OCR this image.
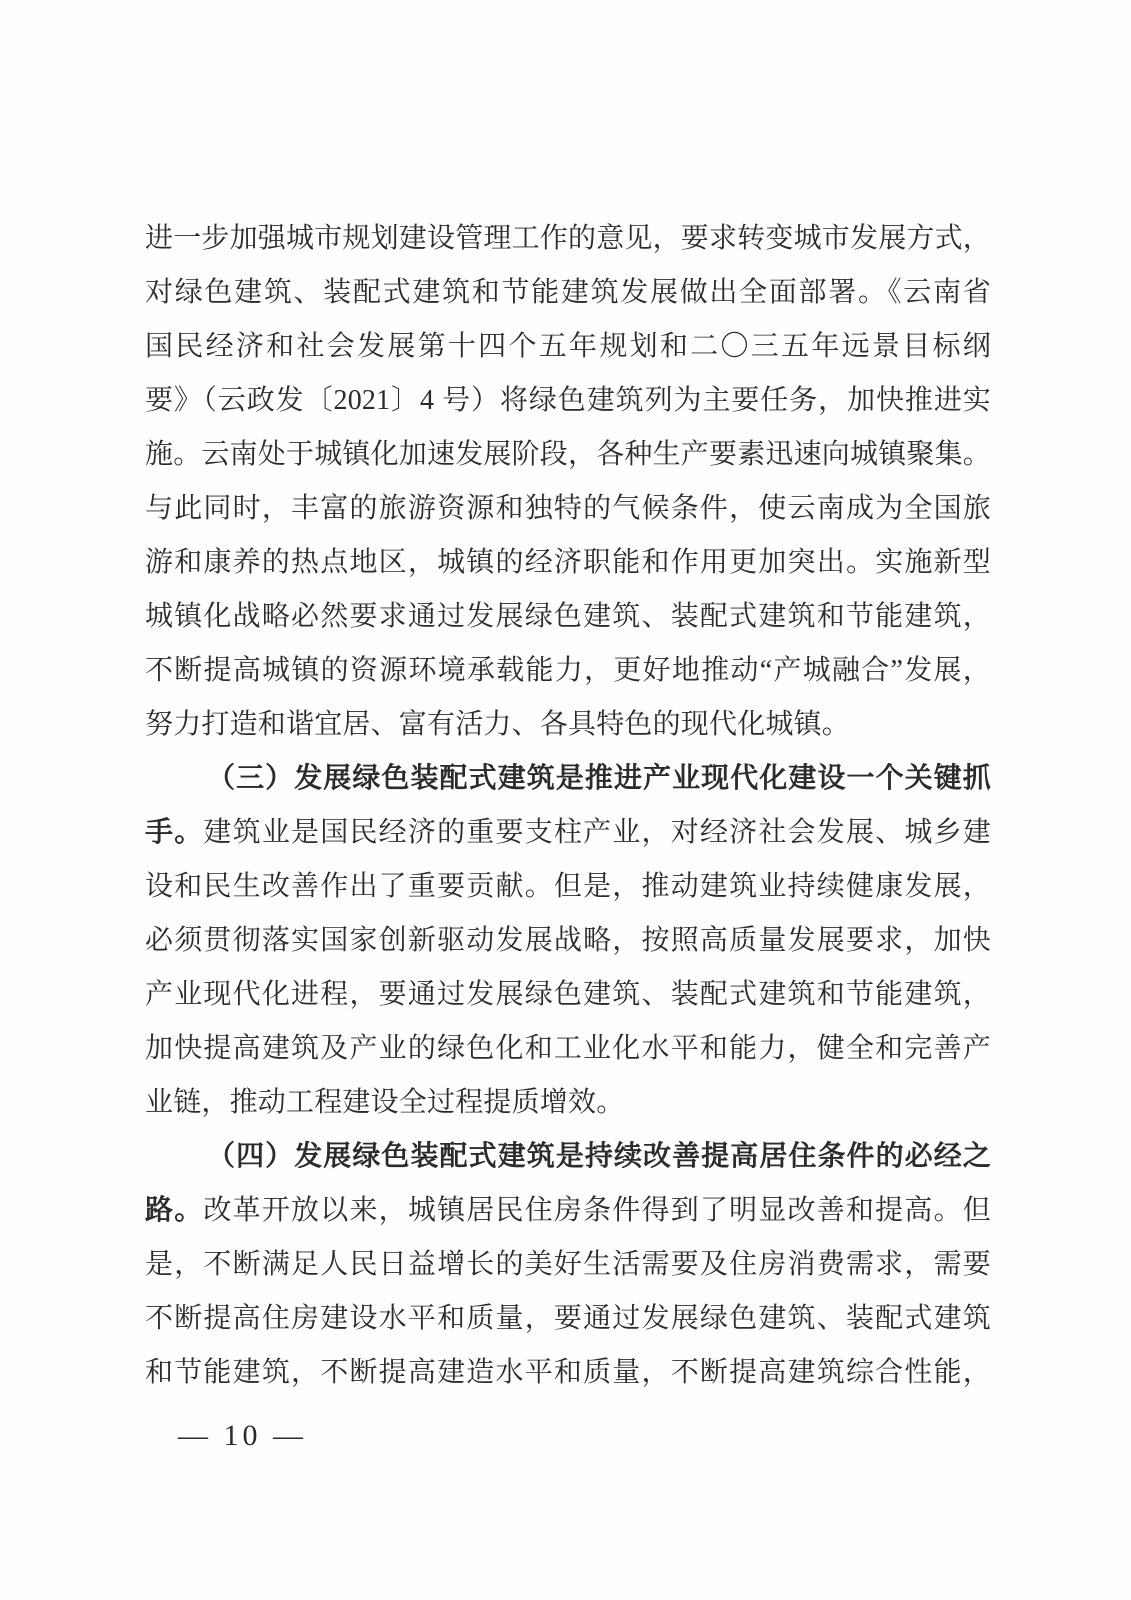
进一步加强城市规划建设管理工作的意见，要求转变城市发展方式，
对绿色建筑、装配式建筑和节能建筑发展做出全面部署。《云南省
国民经济和社会发展第十四个五年规划和二〇三五年远景目标纲
要》（云政发〔2021〕4 号）将绿色建筑列为主要任务，加快推进实
施。云南处于城镇化加速发展阶段，各种生产要素迅速向城镇聚集。
与此同时，丰富的旅游资源和独特的气候条件，使云南成为全国旅
游和康养的热点地区，城镇的经济职能和作用更加突出。实施新型
城镇化战略必然要求通过发展绿色建筑、装配式建筑和节能建筑，
不断提高城镇的资源环境承载能力，更好地推动“产城融合”发展，
努力打造和谐宜居、富有活力、各具特色的现代化城镇。
（三）发展绿色装配式建筑是推进产业现代化建设一个关键抓
手。建筑业是国民经济的重要支柱产业，对经济社会发展、城乡建
设和民生改善作出了重要贡献。但是，推动建筑业持续健康发展，
必须贯彻落实国家创新驱动发展战略，按照高质量发展要求，加快
产业现代化进程，要通过发展绿色建筑、装配式建筑和节能建筑，
加快提高建筑及产业的绿色化和工业化水平和能力，健全和完善产
业链，推动工程建设全过程提质增效。
（四）发展绿色装配式建筑是持续改善提高居住条件的必经之
路。改革开放以来，城镇居民住房条件得到了明显改善和提高。但
是，不断满足人民日益增长的美好生活需要及住房消费需求，需要
不断提高住房建设水平和质量，要通过发展绿色建筑、装配式建筑
和节能建筑，不断提高建造水平和质量，不断提高建筑综合性能，
— 10 —
